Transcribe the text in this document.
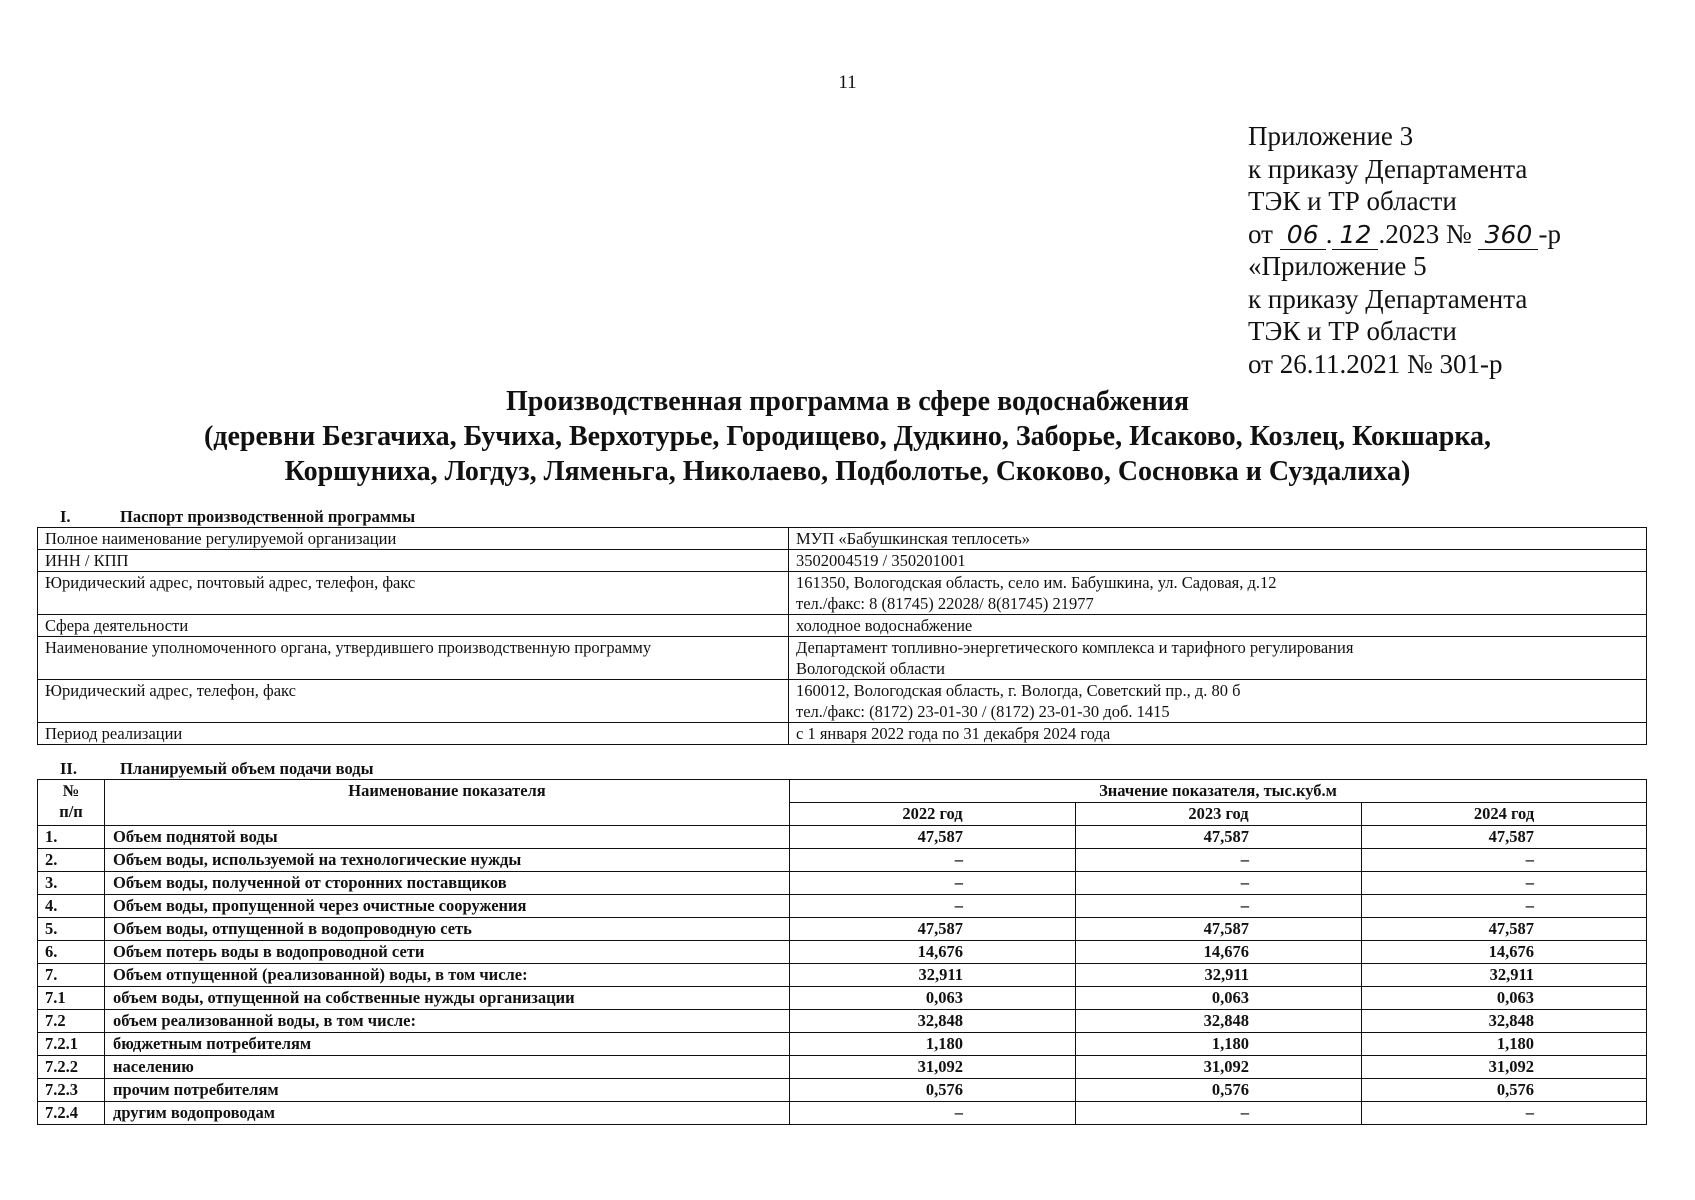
11
Приложение 3
к приказу Департамента
ТЭК и ТР области
от 06 . 12 .2023 № 360 -р
«Приложение 5
к приказу Департамента
ТЭК и ТР области
от 26.11.2021 № 301-р
Производственная программа в сфере водоснабжения
(деревни Безгачиха, Бучиха, Верхотурье, Городищево, Дудкино, Заборье, Исаково, Козлец, Кокшарка,
Коршуниха, Логдуз, Ляменьга, Николаево, Подболотье, Скоково, Сосновка и Суздалиха)
I.	Паспорт производственной программы
Полное наименование регулируемой организации	МУП «Бабушкинская теплосеть»

ИНН / КПП	3502004519 / 350201001

Юридический адрес, почтовый адрес, телефон, факс	161350, Вологодская область, село им. Бабушкина, ул. Садовая, д.12
тел./факс: 8 (81745) 22028/ 8(81745) 21977

Сфера деятельности	холодное водоснабжение

Наименование уполномоченного органа, утвердившего производственную программу	Департамент топливно-энергетического комплекса и тарифного регулирования
Вологодской области

Юридический адрес, телефон, факс	160012, Вологодская область, г. Вологда, Советский пр., д. 80 б
тел./факс: (8172) 23-01-30 / (8172) 23-01-30 доб. 1415

Период реализации	с 1 января 2022 года по 31 декабря 2024 года
II.	Планируемый объем подачи воды
№
п/п	Наименование показателя	Значение показателя, тыс.куб.м		
		2022 год	2023 год	2024 год
1.	Объем поднятой воды	47,587	47,587	47,587
2.	Объем воды, используемой на технологические нужды	–	–	–
3.	Объем воды, полученной от сторонних поставщиков	–	–	–
4.	Объем воды, пропущенной через очистные сооружения	–	–	–
5.	Объем воды, отпущенной в водопроводную сеть	47,587	47,587	47,587
6.	Объем потерь воды в водопроводной сети	14,676	14,676	14,676
7.	Объем отпущенной (реализованной) воды, в том числе:	32,911	32,911	32,911
7.1	объем воды, отпущенной на собственные нужды организации	0,063	0,063	0,063
7.2	объем реализованной воды, в том числе:	32,848	32,848	32,848
7.2.1	бюджетным потребителям	1,180	1,180	1,180
7.2.2	населению	31,092	31,092	31,092
7.2.3	прочим потребителям	0,576	0,576	0,576
7.2.4	другим водопроводам	–	–	–
